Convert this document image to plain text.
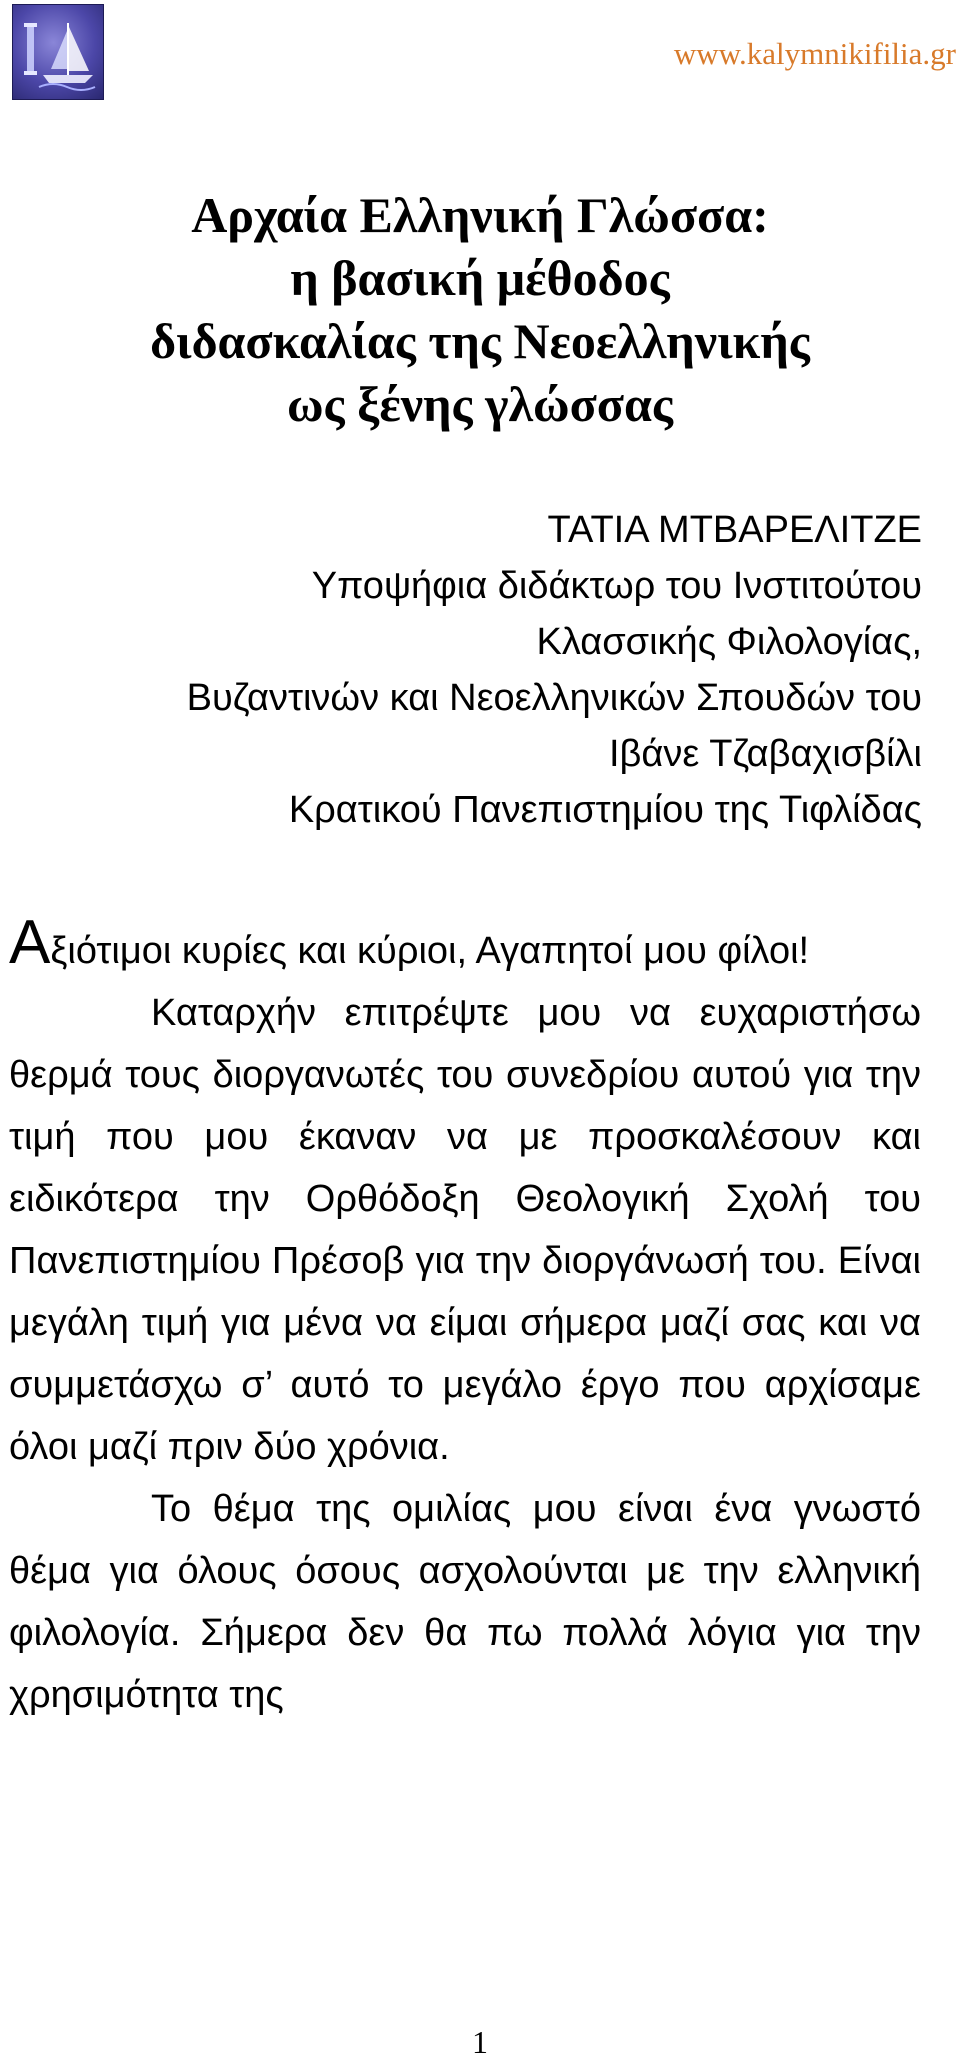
www.kalymnikifilia.gr
Αρχαία Ελληνική Γλώσσα:
η βασική μέθοδος
διδασκαλίας της Νεοελληνικής
ως ξένης γλώσσας
ΤΑΤΙΑ ΜΤΒΑΡΕΛΙΤΖΕ
Υποψήφια διδάκτωρ του Ινστιτούτου
Κλασσικής Φιλολογίας,
Βυζαντινών και Νεοελληνικών Σπουδών του
Ιβάνε Τζαβαχισβίλι
Κρατικού Πανεπιστημίου της Τιφλίδας

Αξιότιμοι κυρίες και κύριοι, Αγαπητοί μου φίλοι!

Καταρχήν επιτρέψτε μου να ευχαριστήσω θερμά τους διοργανωτές του συνεδρίου αυτού για την τιμή που μου έκαναν να με προσκαλέσουν και ειδικότερα την Ορθόδοξη Θεολογική Σχολή του Πανεπιστημίου Πρέσοβ για την διοργάνωσή του. Είναι μεγάλη τιμή για μένα να είμαι σήμερα μαζί σας και να συμμετάσχω σ’ αυτό το μεγάλο έργο που αρχίσαμε όλοι μαζί πριν δύο χρόνια.

Το θέμα της ομιλίας μου είναι ένα γνωστό θέμα για όλους όσους ασχολούνται με την ελληνική φιλολογία. Σήμερα δεν θα πω πολλά λόγια για την χρησιμότητα της

1
